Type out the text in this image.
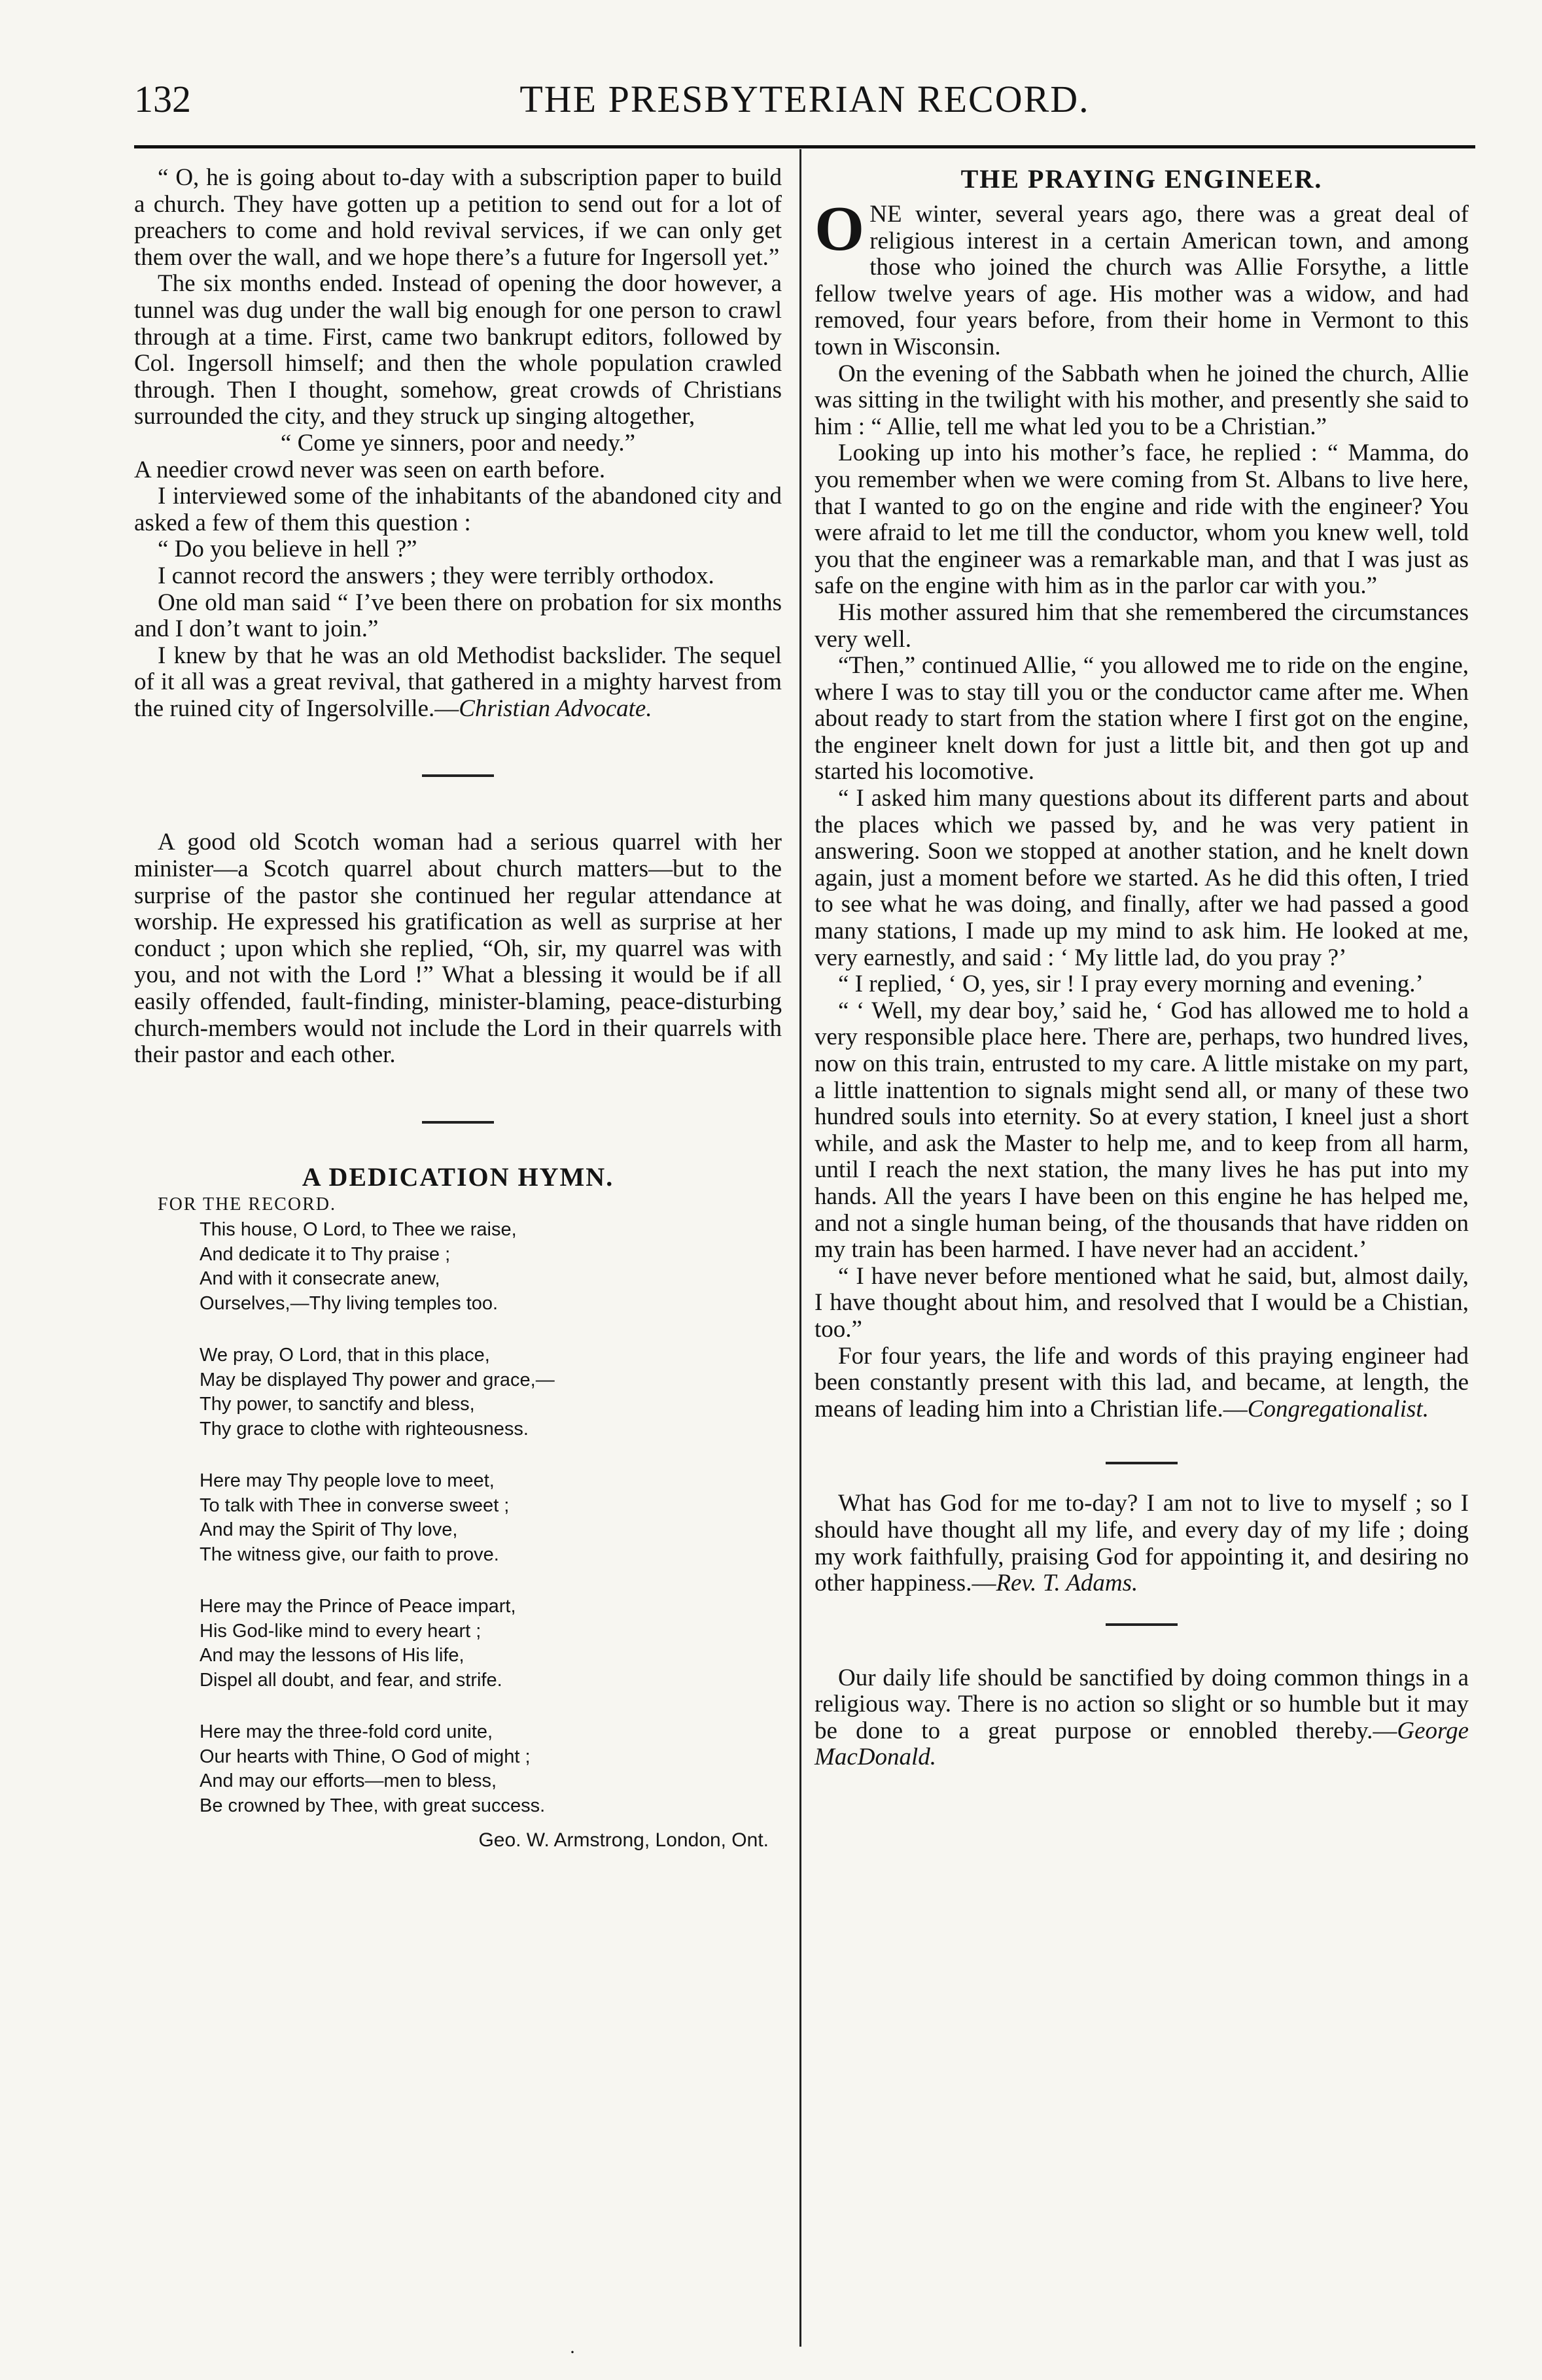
132	THE PRESBYTERIAN RECORD.

“ O, he is going about to-day with a subscription paper to build a church. They have gotten up a petition to send out for a lot of preachers to come and hold revival services, if we can only get them over the wall, and we hope there’s a future for Ingersoll yet.”

The six months ended. Instead of opening the door however, a tunnel was dug under the wall big enough for one person to crawl through at a time. First, came two bankrupt editors, followed by Col. Ingersoll himself; and then the whole population crawled through. Then I thought, somehow, great crowds of Christians surrounded the city, and they struck up singing altogether,

“ Come ye sinners, poor and needy.”

A needier crowd never was seen on earth before.

I interviewed some of the inhabitants of the abandoned city and asked a few of them this question :

“ Do you believe in hell ?”

I cannot record the answers ; they were terribly orthodox.

One old man said “ I’ve been there on probation for six months and I don’t want to join.”

I knew by that he was an old Methodist backslider. The sequel of it all was a great revival, that gathered in a mighty harvest from the ruined city of Ingersolville.—Christian Advocate.

A good old Scotch woman had a serious quarrel with her minister—a Scotch quarrel about church matters—but to the surprise of the pastor she continued her regular attendance at worship. He expressed his gratification as well as surprise at her conduct ; upon which she replied, “Oh, sir, my quarrel was with you, and not with the Lord !” What a blessing it would be if all easily offended, fault-finding, minister-blaming, peace-disturbing church-members would not include the Lord in their quarrels with their pastor and each other.

A DEDICATION HYMN.

FOR THE RECORD.

This house, O Lord, to Thee we raise,
And dedicate it to Thy praise ;
And with it consecrate anew,
Ourselves,—Thy living temples too.
We pray, O Lord, that in this place,
May be displayed Thy power and grace,—
Thy power, to sanctify and bless,
Thy grace to clothe with righteousness.
Here may Thy people love to meet,
To talk with Thee in converse sweet ;
And may the Spirit of Thy love,
The witness give, our faith to prove.
Here may the Prince of Peace impart,
His God-like mind to every heart ;
And may the lessons of His life,
Dispel all doubt, and fear, and strife.
Here may the three-fold cord unite,
Our hearts with Thine, O God of might ;
And may our efforts—men to bless,
Be crowned by Thee, with great success.
Geo. W. Armstrong, London, Ont.
THE PRAYING ENGINEER.

ONE winter, several years ago, there was a great deal of religious interest in a certain American town, and among those who joined the church was Allie Forsythe, a little fellow twelve years of age. His mother was a widow, and had removed, four years before, from their home in Vermont to this town in Wisconsin.

On the evening of the Sabbath when he joined the church, Allie was sitting in the twilight with his mother, and presently she said to him : “ Allie, tell me what led you to be a Christian.”

Looking up into his mother’s face, he replied : “ Mamma, do you remember when we were coming from St. Albans to live here, that I wanted to go on the engine and ride with the engineer? You were afraid to let me till the conductor, whom you knew well, told you that the engineer was a remarkable man, and that I was just as safe on the engine with him as in the parlor car with you.”

His mother assured him that she remembered the circumstances very well.

“Then,” continued Allie, “ you allowed me to ride on the engine, where I was to stay till you or the conductor came after me. When about ready to start from the station where I first got on the engine, the engineer knelt down for just a little bit, and then got up and started his locomotive.

“ I asked him many questions about its different parts and about the places which we passed by, and he was very patient in answering. Soon we stopped at another station, and he knelt down again, just a moment before we started. As he did this often, I tried to see what he was doing, and finally, after we had passed a good many stations, I made up my mind to ask him. He looked at me, very earnestly, and said : ‘ My little lad, do you pray ?’

“ I replied, ‘ O, yes, sir ! I pray every morning and evening.’

“ ‘ Well, my dear boy,’ said he, ‘ God has allowed me to hold a very responsible place here. There are, perhaps, two hundred lives, now on this train, entrusted to my care. A little mistake on my part, a little inattention to signals might send all, or many of these two hundred souls into eternity. So at every station, I kneel just a short while, and ask the Master to help me, and to keep from all harm, until I reach the next station, the many lives he has put into my hands. All the years I have been on this engine he has helped me, and not a single human being, of the thousands that have ridden on my train has been harmed. I have never had an accident.’

“ I have never before mentioned what he said, but, almost daily, I have thought about him, and resolved that I would be a Chistian, too.”

For four years, the life and words of this praying engineer had been constantly present with this lad, and became, at length, the means of leading him into a Christian life.—Congregationalist.

What has God for me to-day? I am not to live to myself ; so I should have thought all my life, and every day of my life ; doing my work faithfully, praising God for appointing it, and desiring no other happiness.—Rev. T. Adams.

Our daily life should be sanctified by doing common things in a religious way. There is no action so slight or so humble but it may be done to a great purpose or ennobled thereby.—George MacDonald.

·
